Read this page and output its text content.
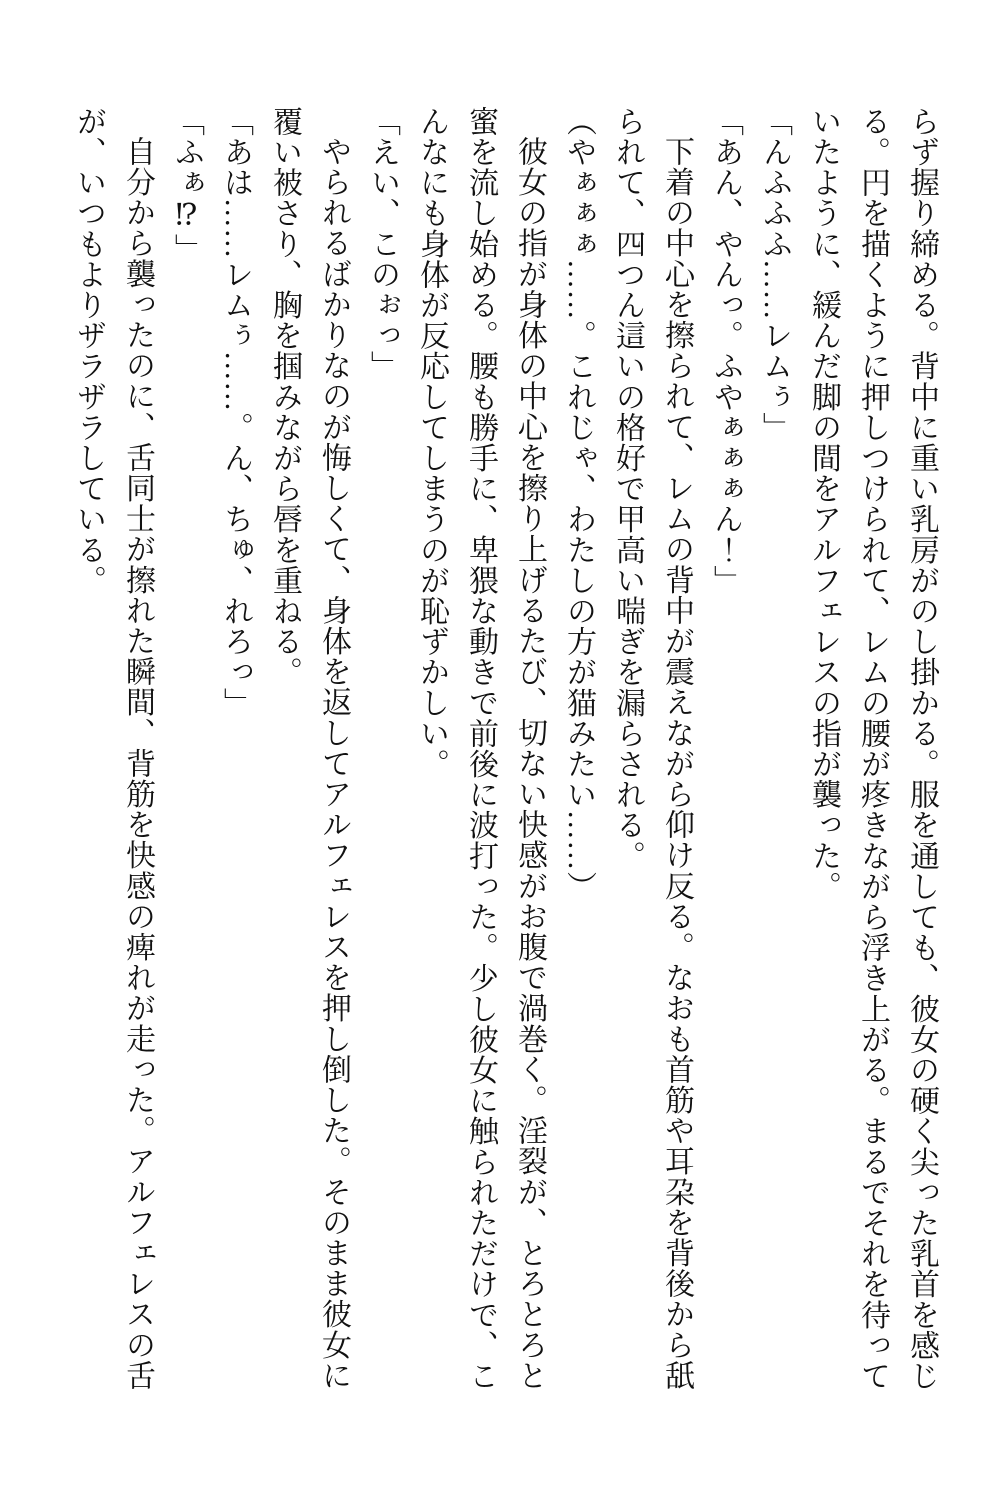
らず握り締める。背中に重い乳房がのし掛かる。服を通しても、彼女の硬く尖った乳首を感じる。円を描くように押しつけられて、レムの腰が疼きながら浮き上がる。まるでそれを待っていたように、緩んだ脚の間をアルフェレスの指が襲った。

「んふふふ……レムぅ」

「あん、やんっ。ふやぁぁぁん！」

下着の中心を擦られて、レムの背中が震えながら仰け反る。なおも首筋や耳朶を背後から舐られて、四つん這いの格好で甲高い喘ぎを漏らされる。

（やぁぁぁ……。これじゃ、わたしの方が猫みたい……）

彼女の指が身体の中心を擦り上げるたび、切ない快感がお腹で渦巻く。淫裂が、とろとろと蜜を流し始める。腰も勝手に、卑猥な動きで前後に波打った。少し彼女に触られただけで、こんなにも身体が反応してしまうのが恥ずかしい。

「えい、このぉっ」

やられるばかりなのが悔しくて、身体を返してアルフェレスを押し倒した。そのまま彼女に覆い被さり、胸を掴みながら唇を重ねる。

「あは……レムぅ……。ん、ちゅ、れろっ」

「ふぁ⁉」

自分から襲ったのに、舌同士が擦れた瞬間、背筋を快感の痺れが走った。アルフェレスの舌が、いつもよりザラザラしている。
